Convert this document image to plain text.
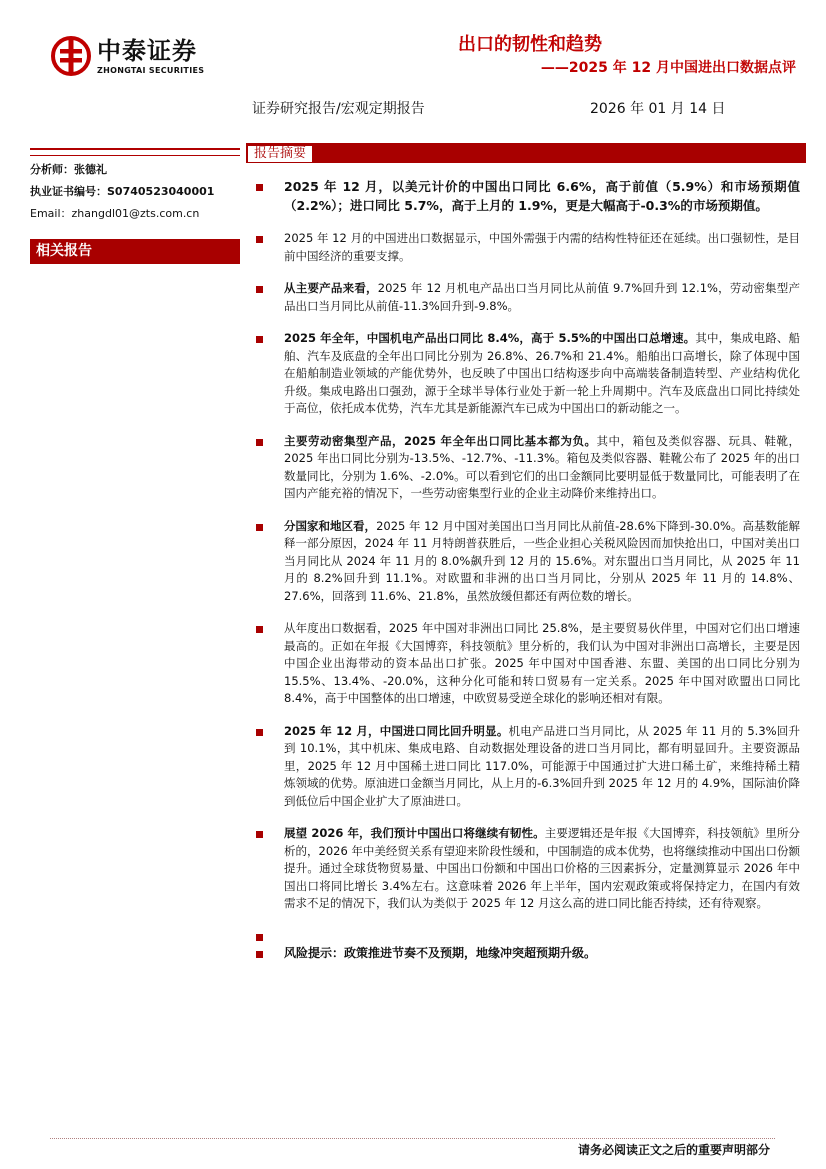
中泰证券
ZHONGTAI SECURITIES
出口的韧性和趋势
——2025 年 12 月中国进出口数据点评
证券研究报告/宏观定期报告	2026 年 01 月 14 日
分析师：张德礼
执业证书编号：S0740523040001
Email：zhangdl01@zts.com.cn
相关报告
报告摘要
2025 年 12 月，以美元计价的中国出口同比 6.6%，高于前值（5.9%）和市场预期值（2.2%）；进口同比 5.7%，高于上月的 1.9%，更是大幅高于-0.3%的市场预期值。
2025 年 12 月的中国进出口数据显示，中国外需强于内需的结构性特征还在延续。出口强韧性，是目前中国经济的重要支撑。
从主要产品来看，2025 年 12 月机电产品出口当月同比从前值 9.7%回升到 12.1%，劳动密集型产品出口当月同比从前值-11.3%回升到-9.8%。
2025 年全年，中国机电产品出口同比 8.4%，高于 5.5%的中国出口总增速。其中，集成电路、船舶、汽车及底盘的全年出口同比分别为 26.8%、26.7%和 21.4%。船舶出口高增长，除了体现中国在船舶制造业领域的产能优势外，也反映了中国出口结构逐步向中高端装备制造转型、产业结构优化升级。集成电路出口强劲，源于全球半导体行业处于新一轮上升周期中。汽车及底盘出口同比持续处于高位，依托成本优势，汽车尤其是新能源汽车已成为中国出口的新动能之一。
主要劳动密集型产品，2025 年全年出口同比基本都为负。其中，箱包及类似容器、玩具、鞋靴，2025 年出口同比分别为-13.5%、-12.7%、-11.3%。箱包及类似容器、鞋靴公布了 2025 年的出口数量同比，分别为 1.6%、-2.0%。可以看到它们的出口金额同比要明显低于数量同比，可能表明了在国内产能充裕的情况下，一些劳动密集型行业的企业主动降价来维持出口。
分国家和地区看，2025 年 12 月中国对美国出口当月同比从前值-28.6%下降到-30.0%。高基数能解释一部分原因，2024 年 11 月特朗普获胜后，一些企业担心关税风险因而加快抢出口，中国对美出口当月同比从 2024 年 11 月的 8.0%飙升到 12 月的 15.6%。对东盟出口当月同比，从 2025 年 11 月的 8.2%回升到 11.1%。对欧盟和非洲的出口当月同比，分别从 2025 年 11 月的 14.8%、27.6%，回落到 11.6%、21.8%，虽然放缓但都还有两位数的增长。
从年度出口数据看，2025 年中国对非洲出口同比 25.8%，是主要贸易伙伴里，中国对它们出口增速最高的。正如在年报《大国博弈，科技领航》里分析的，我们认为中国对非洲出口高增长，主要是因中国企业出海带动的资本品出口扩张。2025 年中国对中国香港、东盟、美国的出口同比分别为 15.5%、13.4%、-20.0%，这种分化可能和转口贸易有一定关系。2025 年中国对欧盟出口同比 8.4%，高于中国整体的出口增速，中欧贸易受逆全球化的影响还相对有限。
2025 年 12 月，中国进口同比回升明显。机电产品进口当月同比，从 2025 年 11 月的 5.3%回升到 10.1%，其中机床、集成电路、自动数据处理设备的进口当月同比，都有明显回升。主要资源品里，2025 年 12 月中国稀土进口同比 117.0%，可能源于中国通过扩大进口稀土矿，来维持稀土精炼领域的优势。原油进口金额当月同比，从上月的-6.3%回升到 2025 年 12 月的 4.9%，国际油价降到低位后中国企业扩大了原油进口。
展望 2026 年，我们预计中国出口将继续有韧性。主要逻辑还是年报《大国博弈，科技领航》里所分析的，2026 年中美经贸关系有望迎来阶段性缓和，中国制造的成本优势，也将继续推动中国出口份额提升。通过全球货物贸易量、中国出口份额和中国出口价格的三因素拆分，定量测算显示 2026 年中国出口将同比增长 3.4%左右。这意味着 2026 年上半年，国内宏观政策或将保持定力，在国内有效需求不足的情况下，我们认为类似于 2025 年 12 月这么高的进口同比能否持续，还有待观察。
风险提示：政策推进节奏不及预期，地缘冲突超预期升级。
请务必阅读正文之后的重要声明部分
